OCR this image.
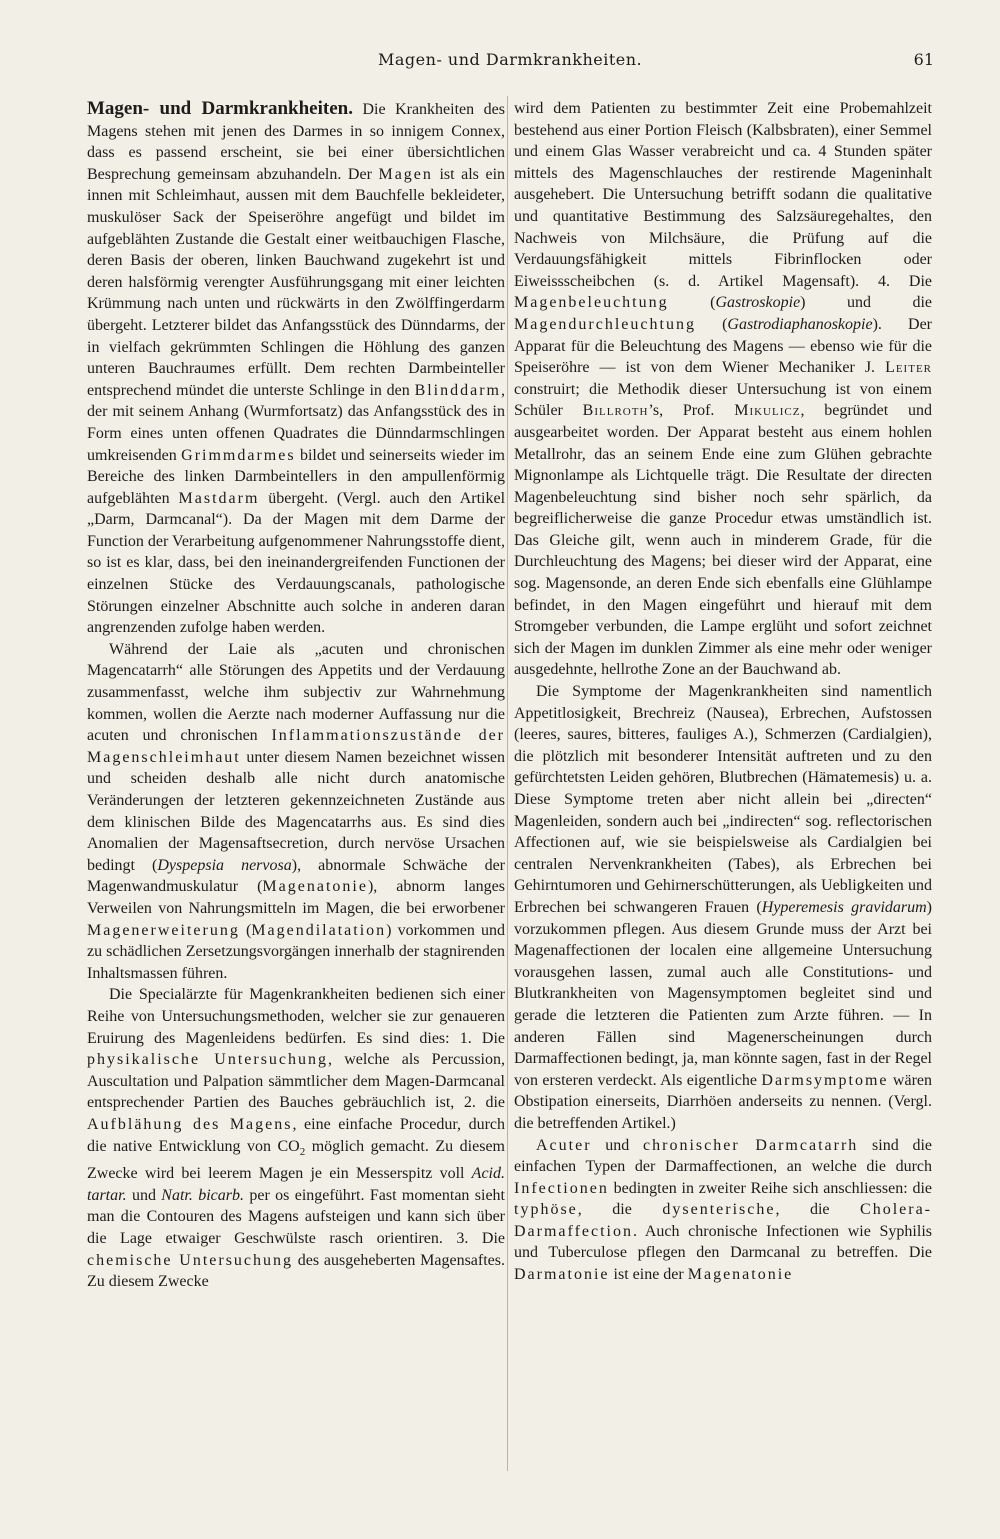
Magen- und Darmkrankheiten.	61

Magen- und Darmkrankheiten. Die Krankheiten des Magens stehen mit jenen des Darmes in so innigem Connex, dass es passend erscheint, sie bei einer übersichtlichen Besprechung gemeinsam abzuhandeln. Der Magen ist als ein innen mit Schleimhaut, aussen mit dem Bauchfelle bekleideter, muskulöser Sack der Speiseröhre angefügt und bildet im aufgeblähten Zustande die Gestalt einer weitbauchigen Flasche, deren Basis der oberen, linken Bauchwand zugekehrt ist und deren halsförmig verengter Ausführungsgang mit einer leichten Krümmung nach unten und rückwärts in den Zwölffingerdarm übergeht. Letzterer bildet das Anfangsstück des Dünndarms, der in vielfach gekrümmten Schlingen die Höhlung des ganzen unteren Bauchraumes erfüllt. Dem rechten Darmbeinteller entsprechend mündet die unterste Schlinge in den Blinddarm, der mit seinem Anhang (Wurmfortsatz) das Anfangsstück des in Form eines unten offenen Quadrates die Dünndarmschlingen umkreisenden Grimmdarmes bildet und seinerseits wieder im Bereiche des linken Darmbeintellers in den ampullenförmig aufgeblähten Mastdarm übergeht. (Vergl. auch den Artikel „Darm, Darmcanal“). Da der Magen mit dem Darme der Function der Verarbeitung aufgenommener Nahrungsstoffe dient, so ist es klar, dass, bei den ineinandergreifenden Functionen der einzelnen Stücke des Verdauungscanals, pathologische Störungen einzelner Abschnitte auch solche in anderen daran angrenzenden zufolge haben werden.

Während der Laie als „acuten und chronischen Magencatarrh“ alle Störungen des Appetits und der Verdauung zusammenfasst, welche ihm subjectiv zur Wahrnehmung kommen, wollen die Aerzte nach moderner Auffassung nur die acuten und chronischen Inflammationszustände der Magenschleimhaut unter diesem Namen bezeichnet wissen und scheiden deshalb alle nicht durch anatomische Veränderungen der letzteren gekennzeichneten Zustände aus dem klinischen Bilde des Magencatarrhs aus. Es sind dies Anomalien der Magensaftsecretion, durch nervöse Ursachen bedingt (Dyspepsia nervosa), abnormale Schwäche der Magenwandmuskulatur (Magenatonie), abnorm langes Verweilen von Nahrungsmitteln im Magen, die bei erworbener Magenerweiterung (Magendilatation) vorkommen und zu schädlichen Zersetzungsvorgängen innerhalb der stagnirenden Inhaltsmassen führen.

Die Specialärzte für Magenkrankheiten bedienen sich einer Reihe von Untersuchungsmethoden, welcher sie zur genaueren Eruirung des Magenleidens bedürfen. Es sind dies: 1. Die physikalische Untersuchung, welche als Percussion, Auscultation und Palpation sämmtlicher dem Magen-Darmcanal entsprechender Partien des Bauches gebräuchlich ist, 2. die Aufblähung des Magens, eine einfache Procedur, durch die native Entwicklung von $CO_2$ möglich gemacht. Zu diesem Zwecke wird bei leerem Magen je ein Messerspitz voll Acid. tartar. und Natr. bicarb. per os eingeführt. Fast momentan sieht man die Contouren des Magens aufsteigen und kann sich über die Lage etwaiger Geschwülste rasch orientiren. 3. Die chemische Untersuchung des ausgeheberten Magensaftes. Zu diesem Zwecke

wird dem Patienten zu bestimmter Zeit eine Probemahlzeit bestehend aus einer Portion Fleisch (Kalbsbraten), einer Semmel und einem Glas Wasser verabreicht und ca. 4 Stunden später mittels des Magenschlauches der restirende Mageninhalt ausgehebert. Die Untersuchung betrifft sodann die qualitative und quantitative Bestimmung des Salzsäuregehaltes, den Nachweis von Milchsäure, die Prüfung auf die Verdauungsfähigkeit mittels Fibrinflocken oder Eiweissscheibchen (s. d. Artikel Magensaft). 4. Die Magenbeleuchtung (Gastroskopie) und die Magendurchleuchtung (Gastrodiaphanoskopie). Der Apparat für die Beleuchtung des Magens — ebenso wie für die Speiseröhre — ist von dem Wiener Mechaniker J. Leiter construirt; die Methodik dieser Untersuchung ist von einem Schüler Billroth’s, Prof. Mikulicz, begründet und ausgearbeitet worden. Der Apparat besteht aus einem hohlen Metallrohr, das an seinem Ende eine zum Glühen gebrachte Mignonlampe als Lichtquelle trägt. Die Resultate der directen Magenbeleuchtung sind bisher noch sehr spärlich, da begreiflicherweise die ganze Procedur etwas umständlich ist. Das Gleiche gilt, wenn auch in minderem Grade, für die Durchleuchtung des Magens; bei dieser wird der Apparat, eine sog. Magensonde, an deren Ende sich ebenfalls eine Glühlampe befindet, in den Magen eingeführt und hierauf mit dem Stromgeber verbunden, die Lampe erglüht und sofort zeichnet sich der Magen im dunklen Zimmer als eine mehr oder weniger ausgedehnte, hellrothe Zone an der Bauchwand ab.

Die Symptome der Magenkrankheiten sind namentlich Appetitlosigkeit, Brechreiz (Nausea), Erbrechen, Aufstossen (leeres, saures, bitteres, fauliges A.), Schmerzen (Cardialgien), die plötzlich mit besonderer Intensität auftreten und zu den gefürchtetsten Leiden gehören, Blutbrechen (Hämatemesis) u. a. Diese Symptome treten aber nicht allein bei „directen“ Magenleiden, sondern auch bei „indirecten“ sog. reflectorischen Affectionen auf, wie sie beispielsweise als Cardialgien bei centralen Nervenkrankheiten (Tabes), als Erbrechen bei Gehirntumoren und Gehirnerschütterungen, als Uebligkeiten und Erbrechen bei schwangeren Frauen (Hyperemesis gravidarum) vorzukommen pflegen. Aus diesem Grunde muss der Arzt bei Magenaffectionen der localen eine allgemeine Untersuchung vorausgehen lassen, zumal auch alle Constitutions- und Blutkrankheiten von Magensymptomen begleitet sind und gerade die letzteren die Patienten zum Arzte führen. — In anderen Fällen sind Magenerscheinungen durch Darmaffectionen bedingt, ja, man könnte sagen, fast in der Regel von ersteren verdeckt. Als eigentliche Darmsymptome wären Obstipation einerseits, Diarrhöen anderseits zu nennen. (Vergl. die betreffenden Artikel.)

Acuter und chronischer Darmcatarrh sind die einfachen Typen der Darmaffectionen, an welche die durch Infectionen bedingten in zweiter Reihe sich anschliessen: die typhöse, die dysenterische, die Cholera-Darmaffection. Auch chronische Infectionen wie Syphilis und Tuberculose pflegen den Darmcanal zu betreffen. Die Darmatonie ist eine der Magenatonie
